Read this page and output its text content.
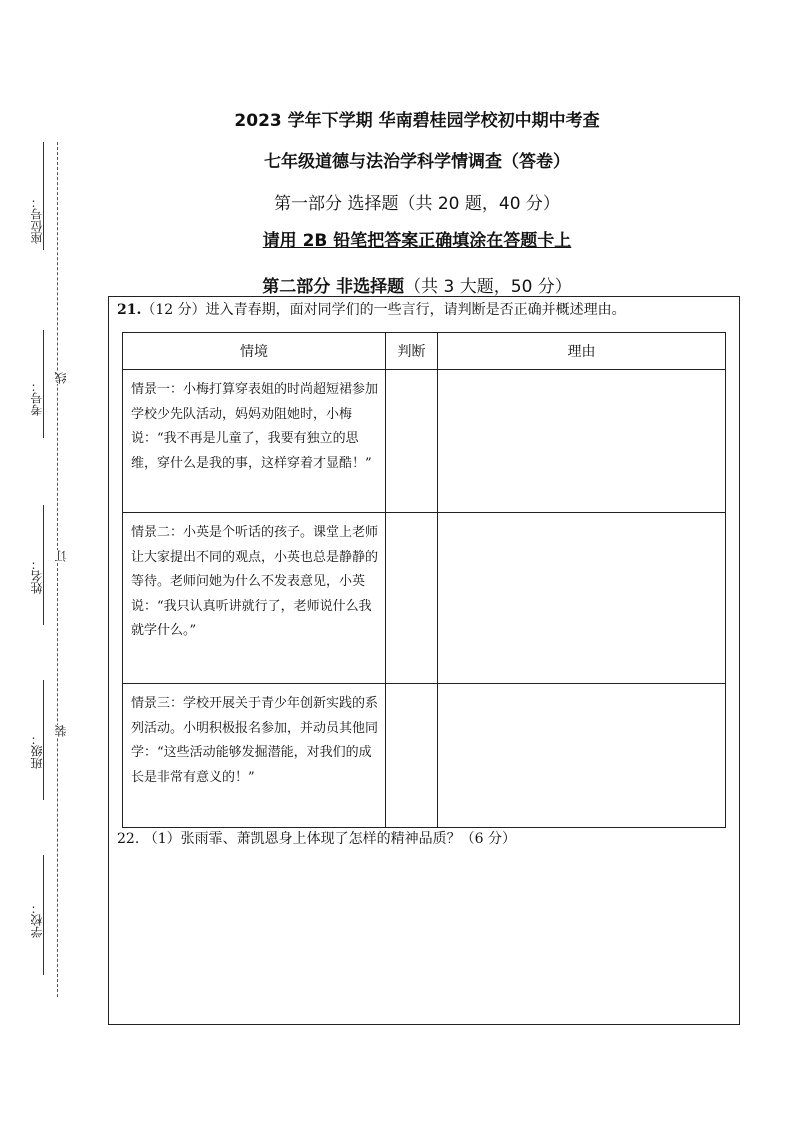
座位号：
考号：
线
姓名：
订
班级：
装
学校：
2023 学年下学期 华南碧桂园学校初中期中考查
七年级道德与法治学科学情调查（答卷）
第一部分 选择题（共 20 题，40 分）
请用 2B 铅笔把答案正确填涂在答题卡上
第二部分 非选择题（共 3 大题，50 分）
21.（12 分）进入青春期，面对同学们的一些言行，请判断是否正确并概述理由。
情境	判断	理由
情景一：小梅打算穿表姐的时尚超短裙参加学校少先队活动，妈妈劝阻她时，小梅说：“我不再是儿童了，我要有独立的思维，穿什么是我的事，这样穿着才显酷！”		
情景二：小英是个听话的孩子。课堂上老师让大家提出不同的观点，小英也总是静静的等待。老师问她为什么不发表意见，小英说：“我只认真听讲就行了，老师说什么我就学什么。”		
情景三：学校开展关于青少年创新实践的系列活动。小明积极报名参加，并动员其他同学：“这些活动能够发掘潜能，对我们的成长是非常有意义的！”		
22. （1）张雨霏、萧凯恩身上体现了怎样的精神品质？（6 分）
